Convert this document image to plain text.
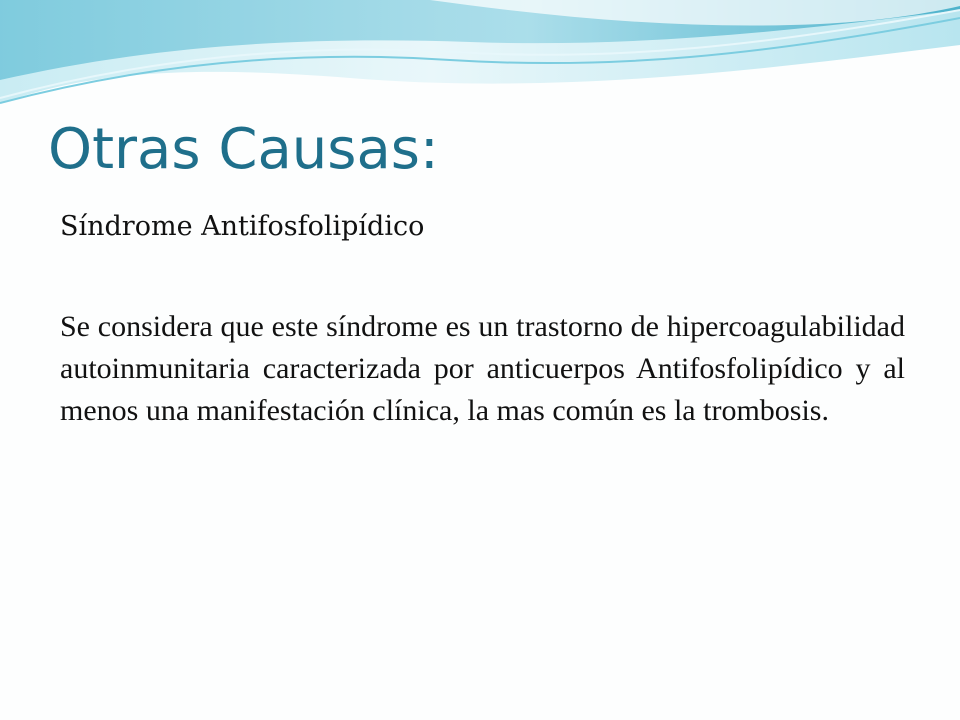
Otras Causas:

Síndrome Antifosfolipídico

Se considera que este síndrome es un trastorno de hipercoagulabilidad autoinmunitaria caracterizada por anticuerpos Antifosfolipídico y al menos una manifestación clínica, la mas común es la trombosis.
